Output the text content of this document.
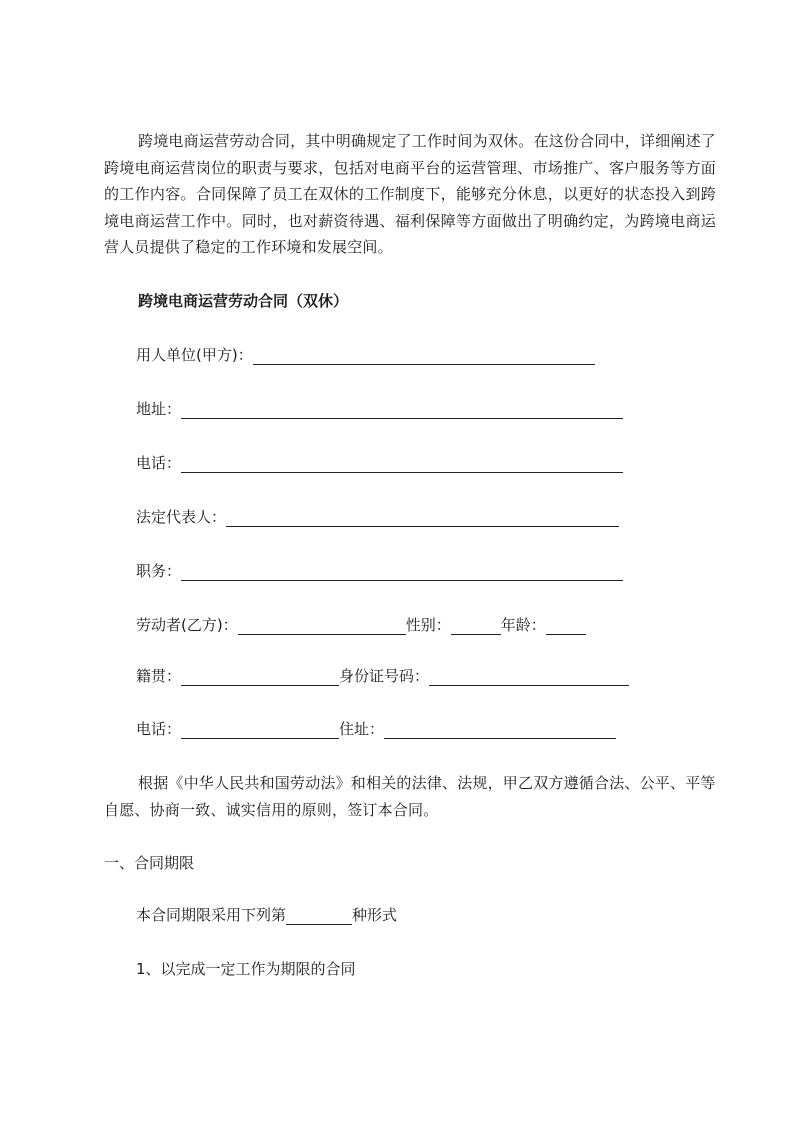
跨境电商运营劳动合同，其中明确规定了工作时间为双休。在这份合同中，详细阐述了跨境电商运营岗位的职责与要求，包括对电商平台的运营管理、市场推广、客户服务等方面的工作内容。合同保障了员工在双休的工作制度下，能够充分休息，以更好的状态投入到跨境电商运营工作中。同时，也对薪资待遇、福利保障等方面做出了明确约定，为跨境电商运营人员提供了稳定的工作环境和发展空间。

跨境电商运营劳动合同（双休）

用人单位(甲方)：
地址：
电话：
法定代表人：
职务：
劳动者(乙方)：	性别：	年龄：
籍贯：	身份证号码：
电话：	住址：

根据《中华人民共和国劳动法》和相关的法律、法规，甲乙双方遵循合法、公平、平等自愿、协商一致、诚实信用的原则，签订本合同。

一、合同期限

本合同期限采用下列第	种形式

1、以完成一定工作为期限的合同
